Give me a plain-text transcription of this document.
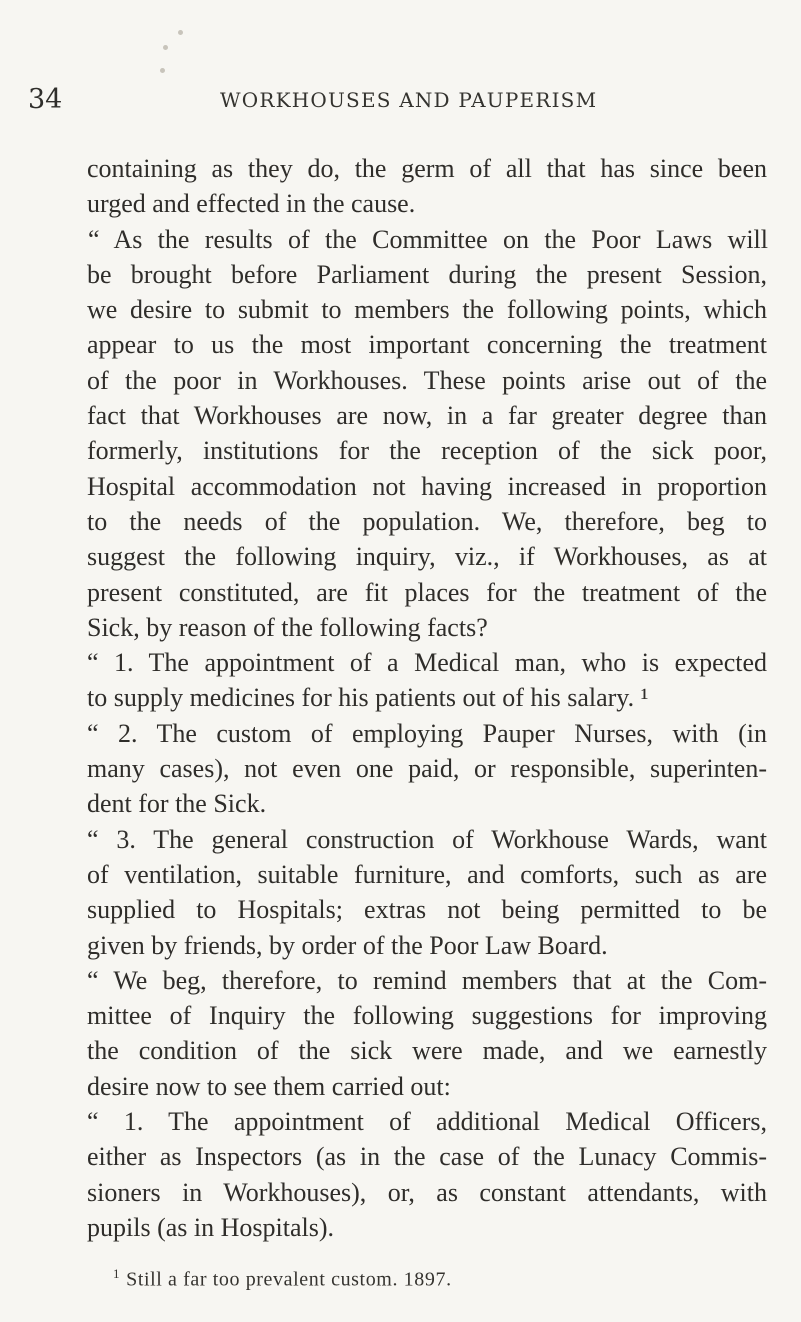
34	WORKHOUSES AND PAUPERISM
containing as they do, the germ of all that has since been
urged and effected in the cause.
“ As the results of the Committee on the Poor Laws will
be brought before Parliament during the present Session,
we desire to submit to members the following points, which
appear to us the most important concerning the treatment
of the poor in Workhouses. These points arise out of the
fact that Workhouses are now, in a far greater degree than
formerly, institutions for the reception of the sick poor,
Hospital accommodation not having increased in proportion
to the needs of the population. We, therefore, beg to
suggest the following inquiry, viz., if Workhouses, as at
present constituted, are fit places for the treatment of the
Sick, by reason of the following facts?
“ 1. The appointment of a Medical man, who is expected
to supply medicines for his patients out of his salary. ¹
“ 2. The custom of employing Pauper Nurses, with (in
many cases), not even one paid, or responsible, superinten-
dent for the Sick.
“ 3. The general construction of Workhouse Wards, want
of ventilation, suitable furniture, and comforts, such as are
supplied to Hospitals; extras not being permitted to be
given by friends, by order of the Poor Law Board.
“ We beg, therefore, to remind members that at the Com-
mittee of Inquiry the following suggestions for improving
the condition of the sick were made, and we earnestly
desire now to see them carried out:
“ 1. The appointment of additional Medical Officers,
either as Inspectors (as in the case of the Lunacy Commis-
sioners in Workhouses), or, as constant attendants, with
pupils (as in Hospitals).
$^1$ Still a far too prevalent custom. 1897.
